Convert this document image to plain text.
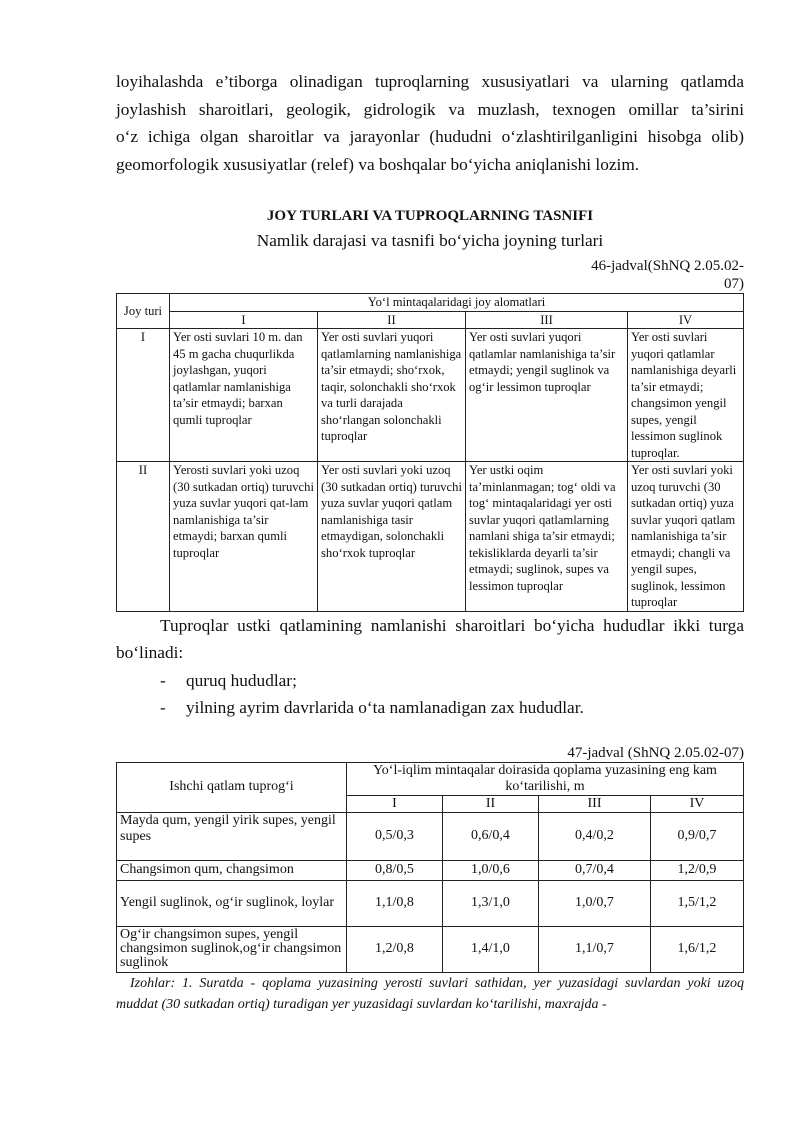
loyihalashda e’tiborga olinadigan tuproqlarning xususiyatlari va ularning qatlamda
joylashish sharoitlari, geologik, gidrologik va muzlash, texnogen omillar ta’sirini
o‘z ichiga olgan sharoitlar va jarayonlar (hududni o‘zlashtirilganligini hisobga olib)
geomorfologik xususiyatlar (relef) va boshqalar bo‘yicha aniqlanishi lozim.
JOY TURLARI VA TUPROQLARNING TASNIFI
Namlik darajasi va tasnifi bo‘yicha joyning turlari
46-jadval(ShNQ 2.05.02-
07)
Joy turi	Yo‘l mintaqalaridagi joy alomatlari			
	I	II	III	IV
I	Yer osti suvlari 10 m. dan 45 m gacha chuqurlikda joylashgan, yuqori qatlamlar namlanishiga ta’sir etmaydi; barxan qumli tuproqlar	Yer osti suvlari yuqori qatlamlarning namlanishiga ta’sir etmaydi; sho‘rxok, taqir, solonchakli sho‘rxok va turli darajada sho‘rlangan solonchakli tuproqlar	Yer osti suvlari yuqori qatlamlar namlanishiga ta’sir etmaydi; yengil suglinok va og‘ir lessimon tuproqlar	Yer osti suvlari yuqori qatlamlar namlanishiga deyarli ta’sir etmaydi; changsimon yengil supes, yengil lessimon suglinok tuproqlar.
II	Yerosti suvlari yoki uzoq (30 sutkadan ortiq) turuvchi yuza suvlar yuqori qat-lam namlanishiga ta’sir etmaydi; barxan qumli tuproqlar	Yer osti suvlari yoki uzoq (30 sutkadan ortiq) turuvchi yuza suvlar yuqori qatlam namlanishiga tasir etmaydigan, solonchakli sho‘rxok tuproqlar	Yer ustki oqim ta’minlanmagan; tog‘ oldi va tog‘ mintaqalaridagi yer osti suvlar yuqori qatlamlarning namlani shiga ta’sir etmaydi; tekisliklarda deyarli ta’sir etmaydi; suglinok, supes va lessimon tuproqlar	Yer osti suvlari yoki uzoq turuvchi (30 sutkadan ortiq) yuza suvlar yuqori qatlam namlanishiga ta’sir etmaydi; changli va yengil supes, suglinok, lessimon tuproqlar

Tuproqlar ustki qatlamining namlanishi sharoitlari bo‘yicha hududlar ikki turga bo‘linadi:

- quruq hududlar;
- yilning ayrim davrlarida o‘ta namlanadigan zax hududlar.
47-jadval (ShNQ 2.05.02-07)
Ishchi qatlam tuprog‘i	Yo‘l-iqlim mintaqalar doirasida qoplama yuzasining eng kam ko‘tarilishi, m			
	I	II	III	IV
Mayda qum, yengil yirik supes, yengil supes	0,5/0,3	0,6/0,4	0,4/0,2	0,9/0,7
Changsimon qum, changsimon	0,8/0,5	1,0/0,6	0,7/0,4	1,2/0,9
Yengil suglinok, og‘ir suglinok, loylar	1,1/0,8	1,3/1,0	1,0/0,7	1,5/1,2
Og‘ir changsimon supes, yengil changsimon suglinok,og‘ir changsimon suglinok	1,2/0,8	1,4/1,0	1,1/0,7	1,6/1,2

Izohlar: 1. Suratda - qoplama yuzasining yerosti suvlari sathidan, yer yuzasidagi suvlardan yoki uzoq muddat (30 sutkadan ortiq) turadigan yer yuzasidagi suvlardan ko‘tarilishi, maxrajda -
